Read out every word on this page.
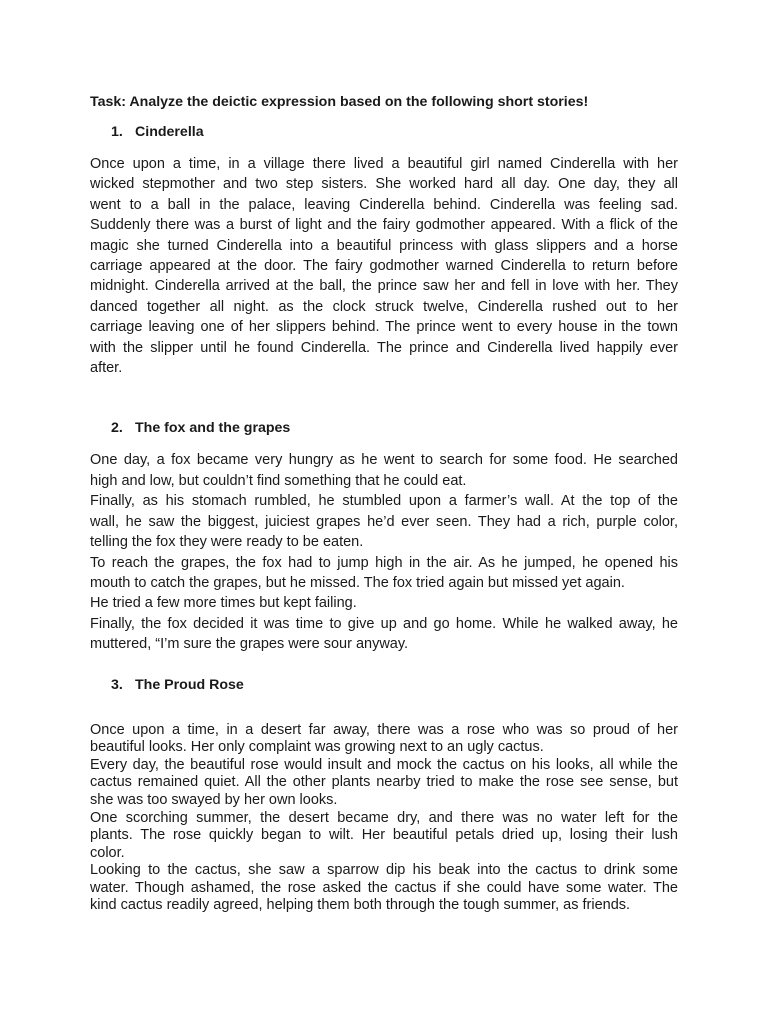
Task: Analyze the deictic expression based on the following short stories!

1. Cinderella

Once upon a time, in a village there lived a beautiful girl named Cinderella with her
wicked stepmother and two step sisters. She worked hard all day. One day, they all
went to a ball in the palace, leaving Cinderella behind. Cinderella was feeling sad.
Suddenly there was a burst of light and the fairy godmother appeared. With a flick of the
magic she turned Cinderella into a beautiful princess with glass slippers and a horse
carriage appeared at the door. The fairy godmother warned Cinderella to return before
midnight. Cinderella arrived at the ball, the prince saw her and fell in love with her. They
danced together all night. as the clock struck twelve, Cinderella rushed out to her
carriage leaving one of her slippers behind. The prince went to every house in the town
with the slipper until he found Cinderella. The prince and Cinderella lived happily ever
after.

2. The fox and the grapes

One day, a fox became very hungry as he went to search for some food. He searched
high and low, but couldn’t find something that he could eat.
Finally, as his stomach rumbled, he stumbled upon a farmer’s wall. At the top of the
wall, he saw the biggest, juiciest grapes he’d ever seen. They had a rich, purple color,
telling the fox they were ready to be eaten.
To reach the grapes, the fox had to jump high in the air. As he jumped, he opened his
mouth to catch the grapes, but he missed. The fox tried again but missed yet again.
He tried a few more times but kept failing.
Finally, the fox decided it was time to give up and go home. While he walked away, he
muttered, “I’m sure the grapes were sour anyway.

3. The Proud Rose

Once upon a time, in a desert far away, there was a rose who was so proud of her
beautiful looks. Her only complaint was growing next to an ugly cactus.
Every day, the beautiful rose would insult and mock the cactus on his looks, all while the
cactus remained quiet. All the other plants nearby tried to make the rose see sense, but
she was too swayed by her own looks.
One scorching summer, the desert became dry, and there was no water left for the
plants. The rose quickly began to wilt. Her beautiful petals dried up, losing their lush
color.
Looking to the cactus, she saw a sparrow dip his beak into the cactus to drink some
water. Though ashamed, the rose asked the cactus if she could have some water. The
kind cactus readily agreed, helping them both through the tough summer, as friends.
